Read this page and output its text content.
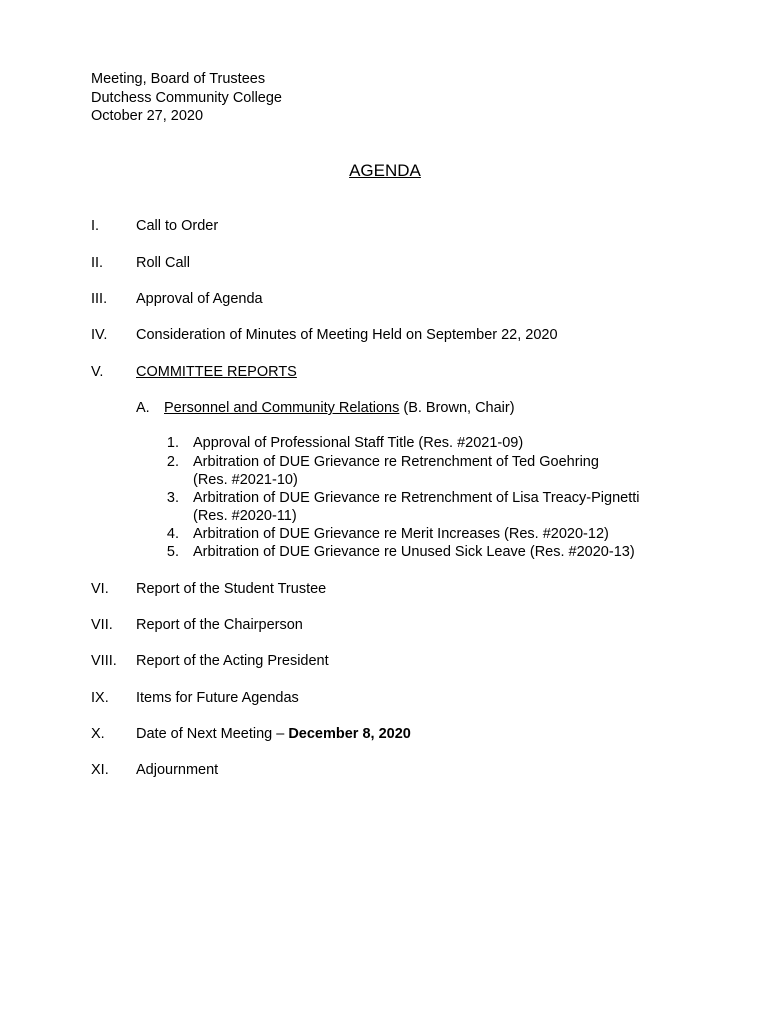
Meeting, Board of Trustees
Dutchess Community College
October 27, 2020
AGENDA
I.	Call to Order
II. Roll Call
III. Approval of Agenda
IV. Consideration of Minutes of Meeting Held on September 22, 2020
V. COMMITTEE REPORTS
A. Personnel and Community Relations (B. Brown, Chair)
1. Approval of Professional Staff Title (Res. #2021-09)
2. Arbitration of DUE Grievance re Retrenchment of Ted Goehring
(Res. #2021-10)
3. Arbitration of DUE Grievance re Retrenchment of Lisa Treacy-Pignetti
(Res. #2020-11)
4. Arbitration of DUE Grievance re Merit Increases (Res. #2020-12)
5. Arbitration of DUE Grievance re Unused Sick Leave (Res. #2020-13)
VI. Report of the Student Trustee
VII. Report of the Chairperson
VIII. Report of the Acting President
IX. Items for Future Agendas
X. Date of Next Meeting – December 8, 2020
XI. Adjournment
